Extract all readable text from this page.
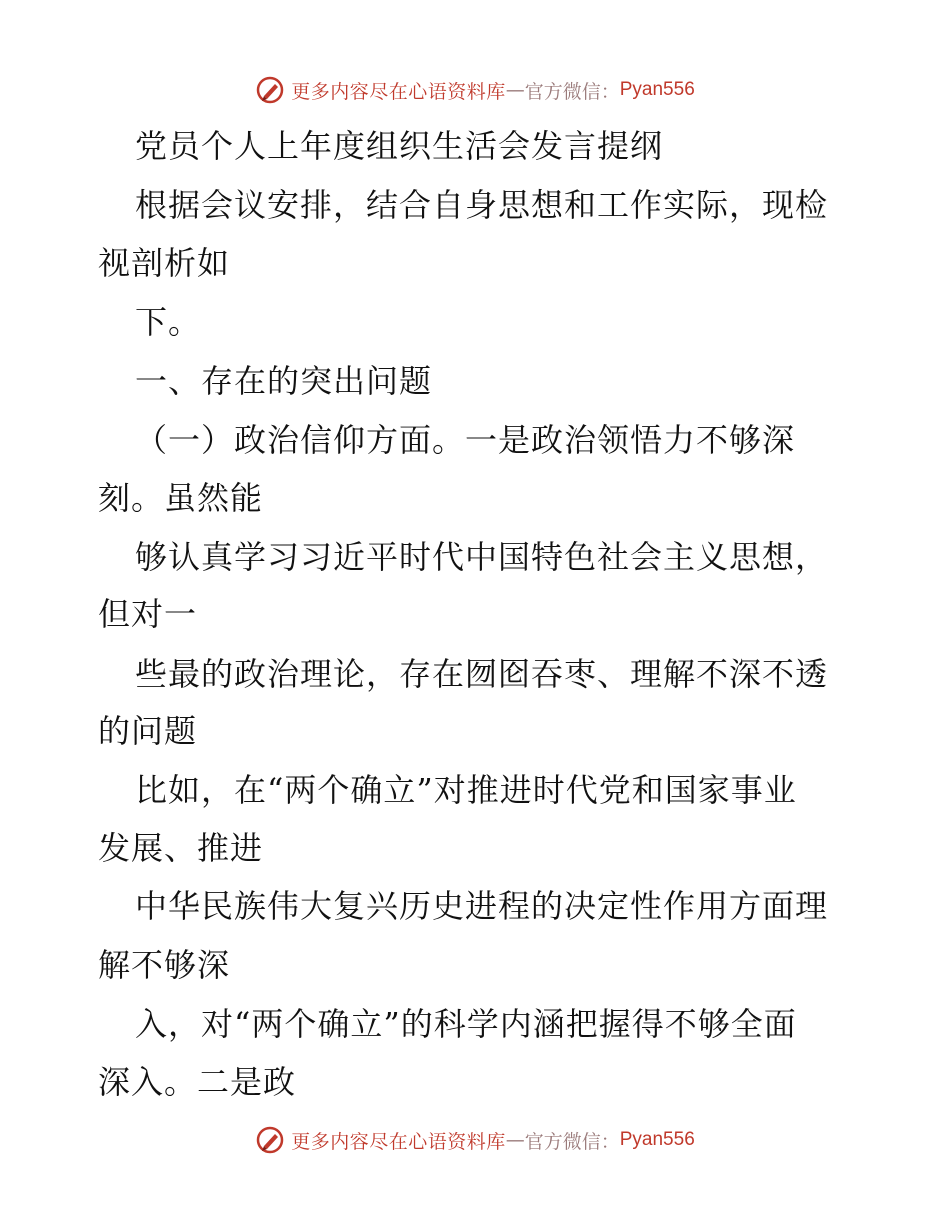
更多内容尽在心语资料库 — 官方微信： Pyan556
党员个人上年度组织生活会发言提纲
根据会议安排，结合自身思想和工作实际，现检
视剖析如
下。
一、存在的突出问题
（一）政治信仰方面。一是政治领悟力不够深
刻。虽然能
够认真学习习近平时代中国特色社会主义思想，
但对一
些最的政治理论，存在囫囵吞枣、理解不深不透
的问题
比如，在“两个确立”对推进时代党和国家事业
发展、推进
中华民族伟大复兴历史进程的决定性作用方面理
解不够深
入，对“两个确立”的科学内涵把握得不够全面
深入。二是政
更多内容尽在心语资料库 — 官方微信： Pyan556
